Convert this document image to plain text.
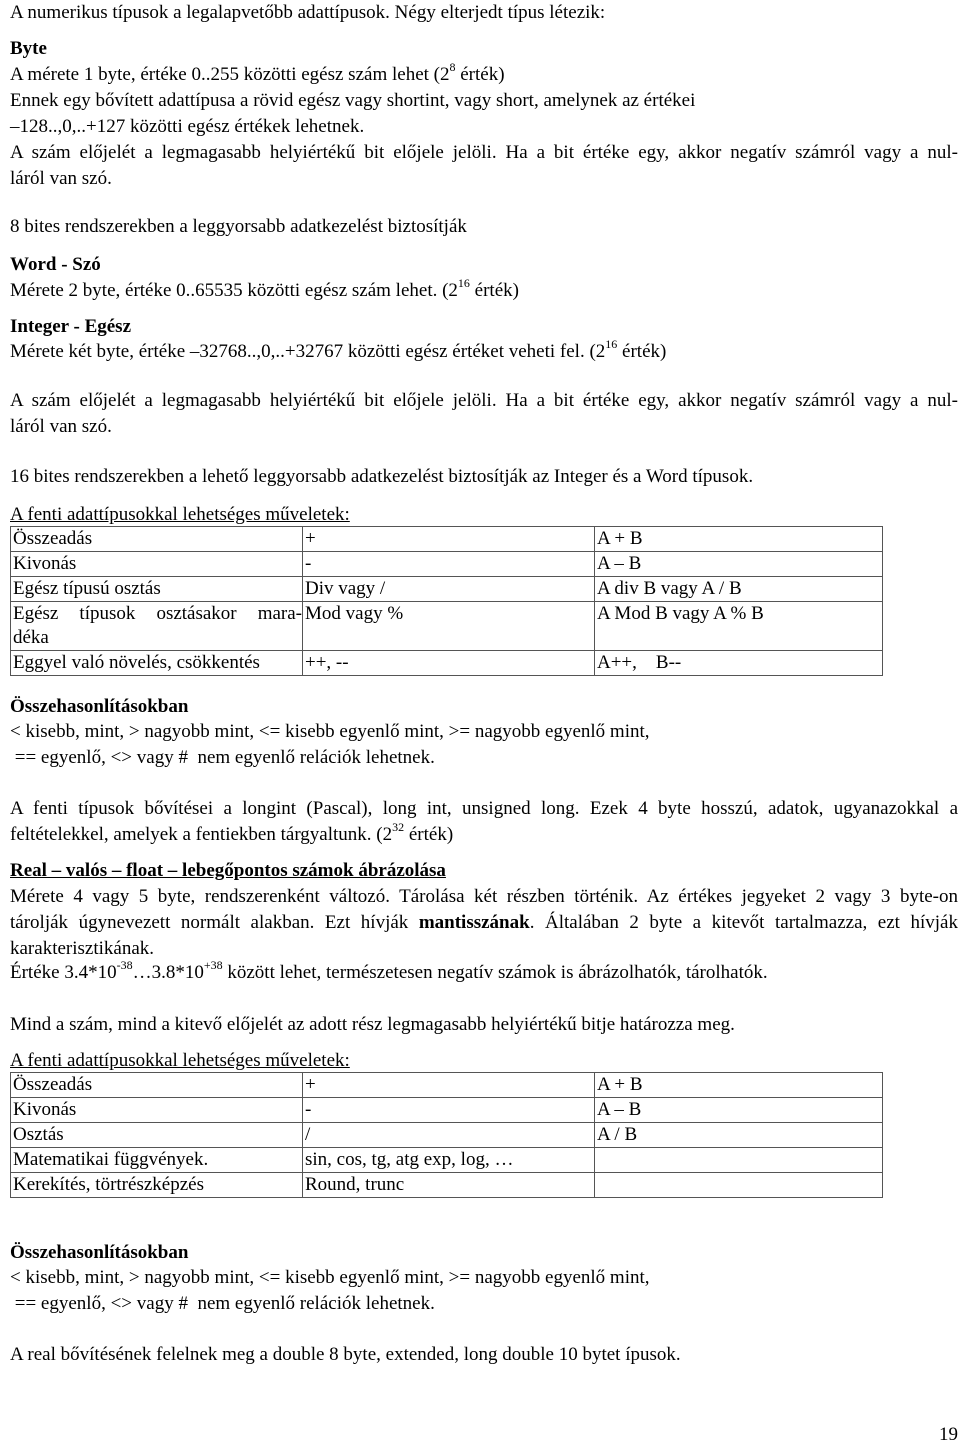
A numerikus típusok a legalapvetőbb adattípusok. Négy elterjedt típus létezik:
Byte
A mérete 1 byte, értéke 0..255 közötti egész szám lehet ($2^8$ érték)
Ennek egy bővített adattípusa a rövid egész vagy shortint, vagy short, amelynek az értékei
–128..,0,..+127 közötti egész értékek lehetnek.
A szám előjelét a legmagasabb helyiértékű bit előjele jelöli. Ha a bit értéke egy, akkor negatív számról vagy a nul-
láról van szó.
8 bites rendszerekben a leggyorsabb adatkezelést biztosítják
Word - Szó
Mérete 2 byte, értéke 0..65535 közötti egész szám lehet. ($2^{16}$ érték)
Integer - Egész
Mérete két byte, értéke –32768..,0,..+32767 közötti egész értéket veheti fel. ($2^{16}$ érték)
A szám előjelét a legmagasabb helyiértékű bit előjele jelöli. Ha a bit értéke egy, akkor negatív számról vagy a nul-
láról van szó.
16 bites rendszerekben a lehető leggyorsabb adatkezelést biztosítják az Integer és a Word típusok.
A fenti adattípusokkal lehetséges műveletek:
Összeadás	+	A + B
Kivonás	-	A – B
Egész típusú osztás	Div vagy /	A div B vagy A / B

Egész típusok osztásakor mara-
déka	Mod vagy %	A Mod B vagy A % B
Eggyel való növelés, csökkentés	++, --	A++,    B--
Összehasonlításokban
< kisebb, mint, > nagyobb mint, <= kisebb egyenlő mint, >= nagyobb egyenlő mint,
== egyenlő, <> vagy #  nem egyenlő relációk lehetnek.
A fenti típusok bővítései a longint (Pascal), long int, unsigned long. Ezek 4 byte hosszú, adatok, ugyanazokkal a
feltételekkel, amelyek a fentiekben tárgyaltunk. ($2^{32}$ érték)
Real – valós – float – lebegőpontos számok ábrázolása
Mérete 4 vagy 5 byte, rendszerenként változó. Tárolása két részben történik. Az értékes jegyeket 2 vagy 3 byte-on
tárolják úgynevezett normált alakban. Ezt hívják mantisszának. Általában 2 byte a kitevőt tartalmazza, ezt hívják
karakterisztikának.
Értéke $3.4*10^{-38}\dots 3.8*10^{+38}$ között lehet, természetesen negatív számok is ábrázolhatók, tárolhatók.
Mind a szám, mind a kitevő előjelét az adott rész legmagasabb helyiértékű bitje határozza meg.
A fenti adattípusokkal lehetséges műveletek:
Összeadás	+	A + B
Kivonás	-	A – B
Osztás	/	A / B
Matematikai függvények.	sin, cos, tg, atg exp, log, …	
Kerekítés, törtrészképzés	Round, trunc	
Összehasonlításokban
< kisebb, mint, > nagyobb mint, <= kisebb egyenlő mint, >= nagyobb egyenlő mint,
== egyenlő, <> vagy #  nem egyenlő relációk lehetnek.
A real bővítésének felelnek meg a double 8 byte, extended, long double 10 bytet ípusok.
19
